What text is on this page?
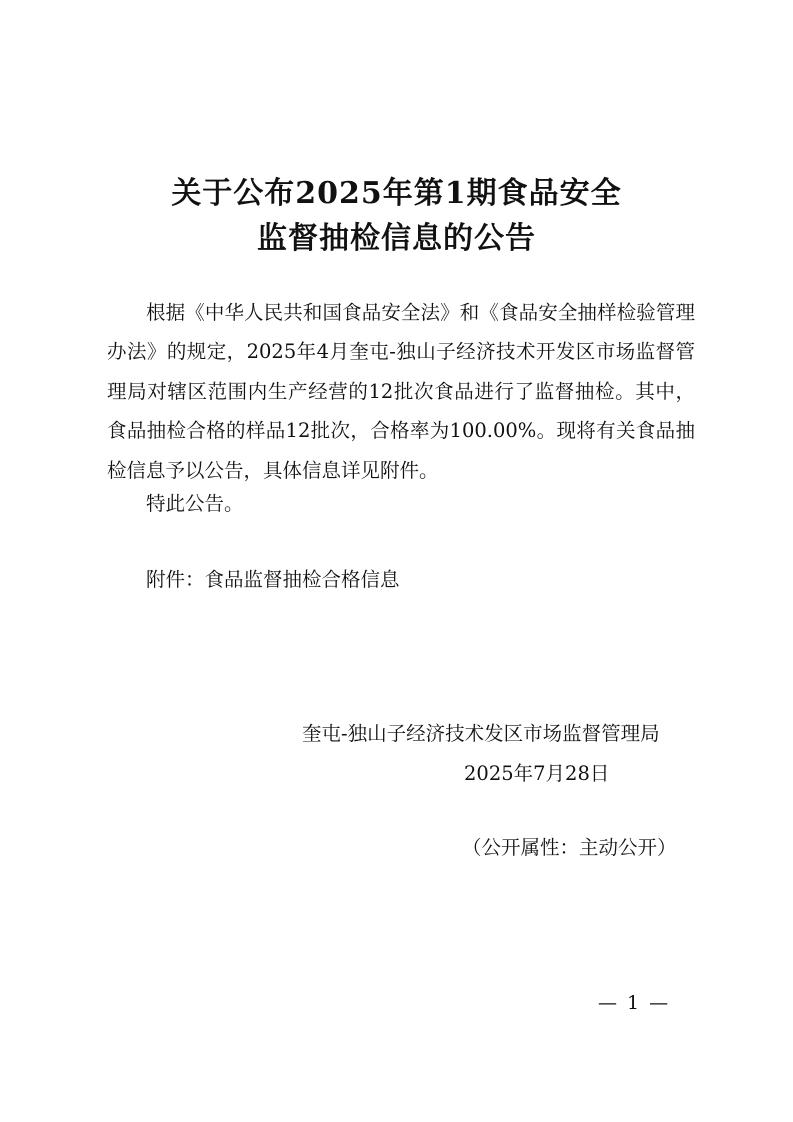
关于公布2025年第1期食品安全
监督抽检信息的公告
根据《中华人民共和国食品安全法》和《食品安全抽样检验管理办法》的规定，2025年4月奎屯-独山子经济技术开发区市场监督管理局对辖区范围内生产经营的12批次食品进行了监督抽检。其中，食品抽检合格的样品12批次，合格率为100.00%。现将有关食品抽检信息予以公告，具体信息详见附件。
特此公告。
附件：食品监督抽检合格信息
奎屯-独山子经济技术发区市场监督管理局
2025年7月28日
（公开属性：主动公开）
— 1 —
